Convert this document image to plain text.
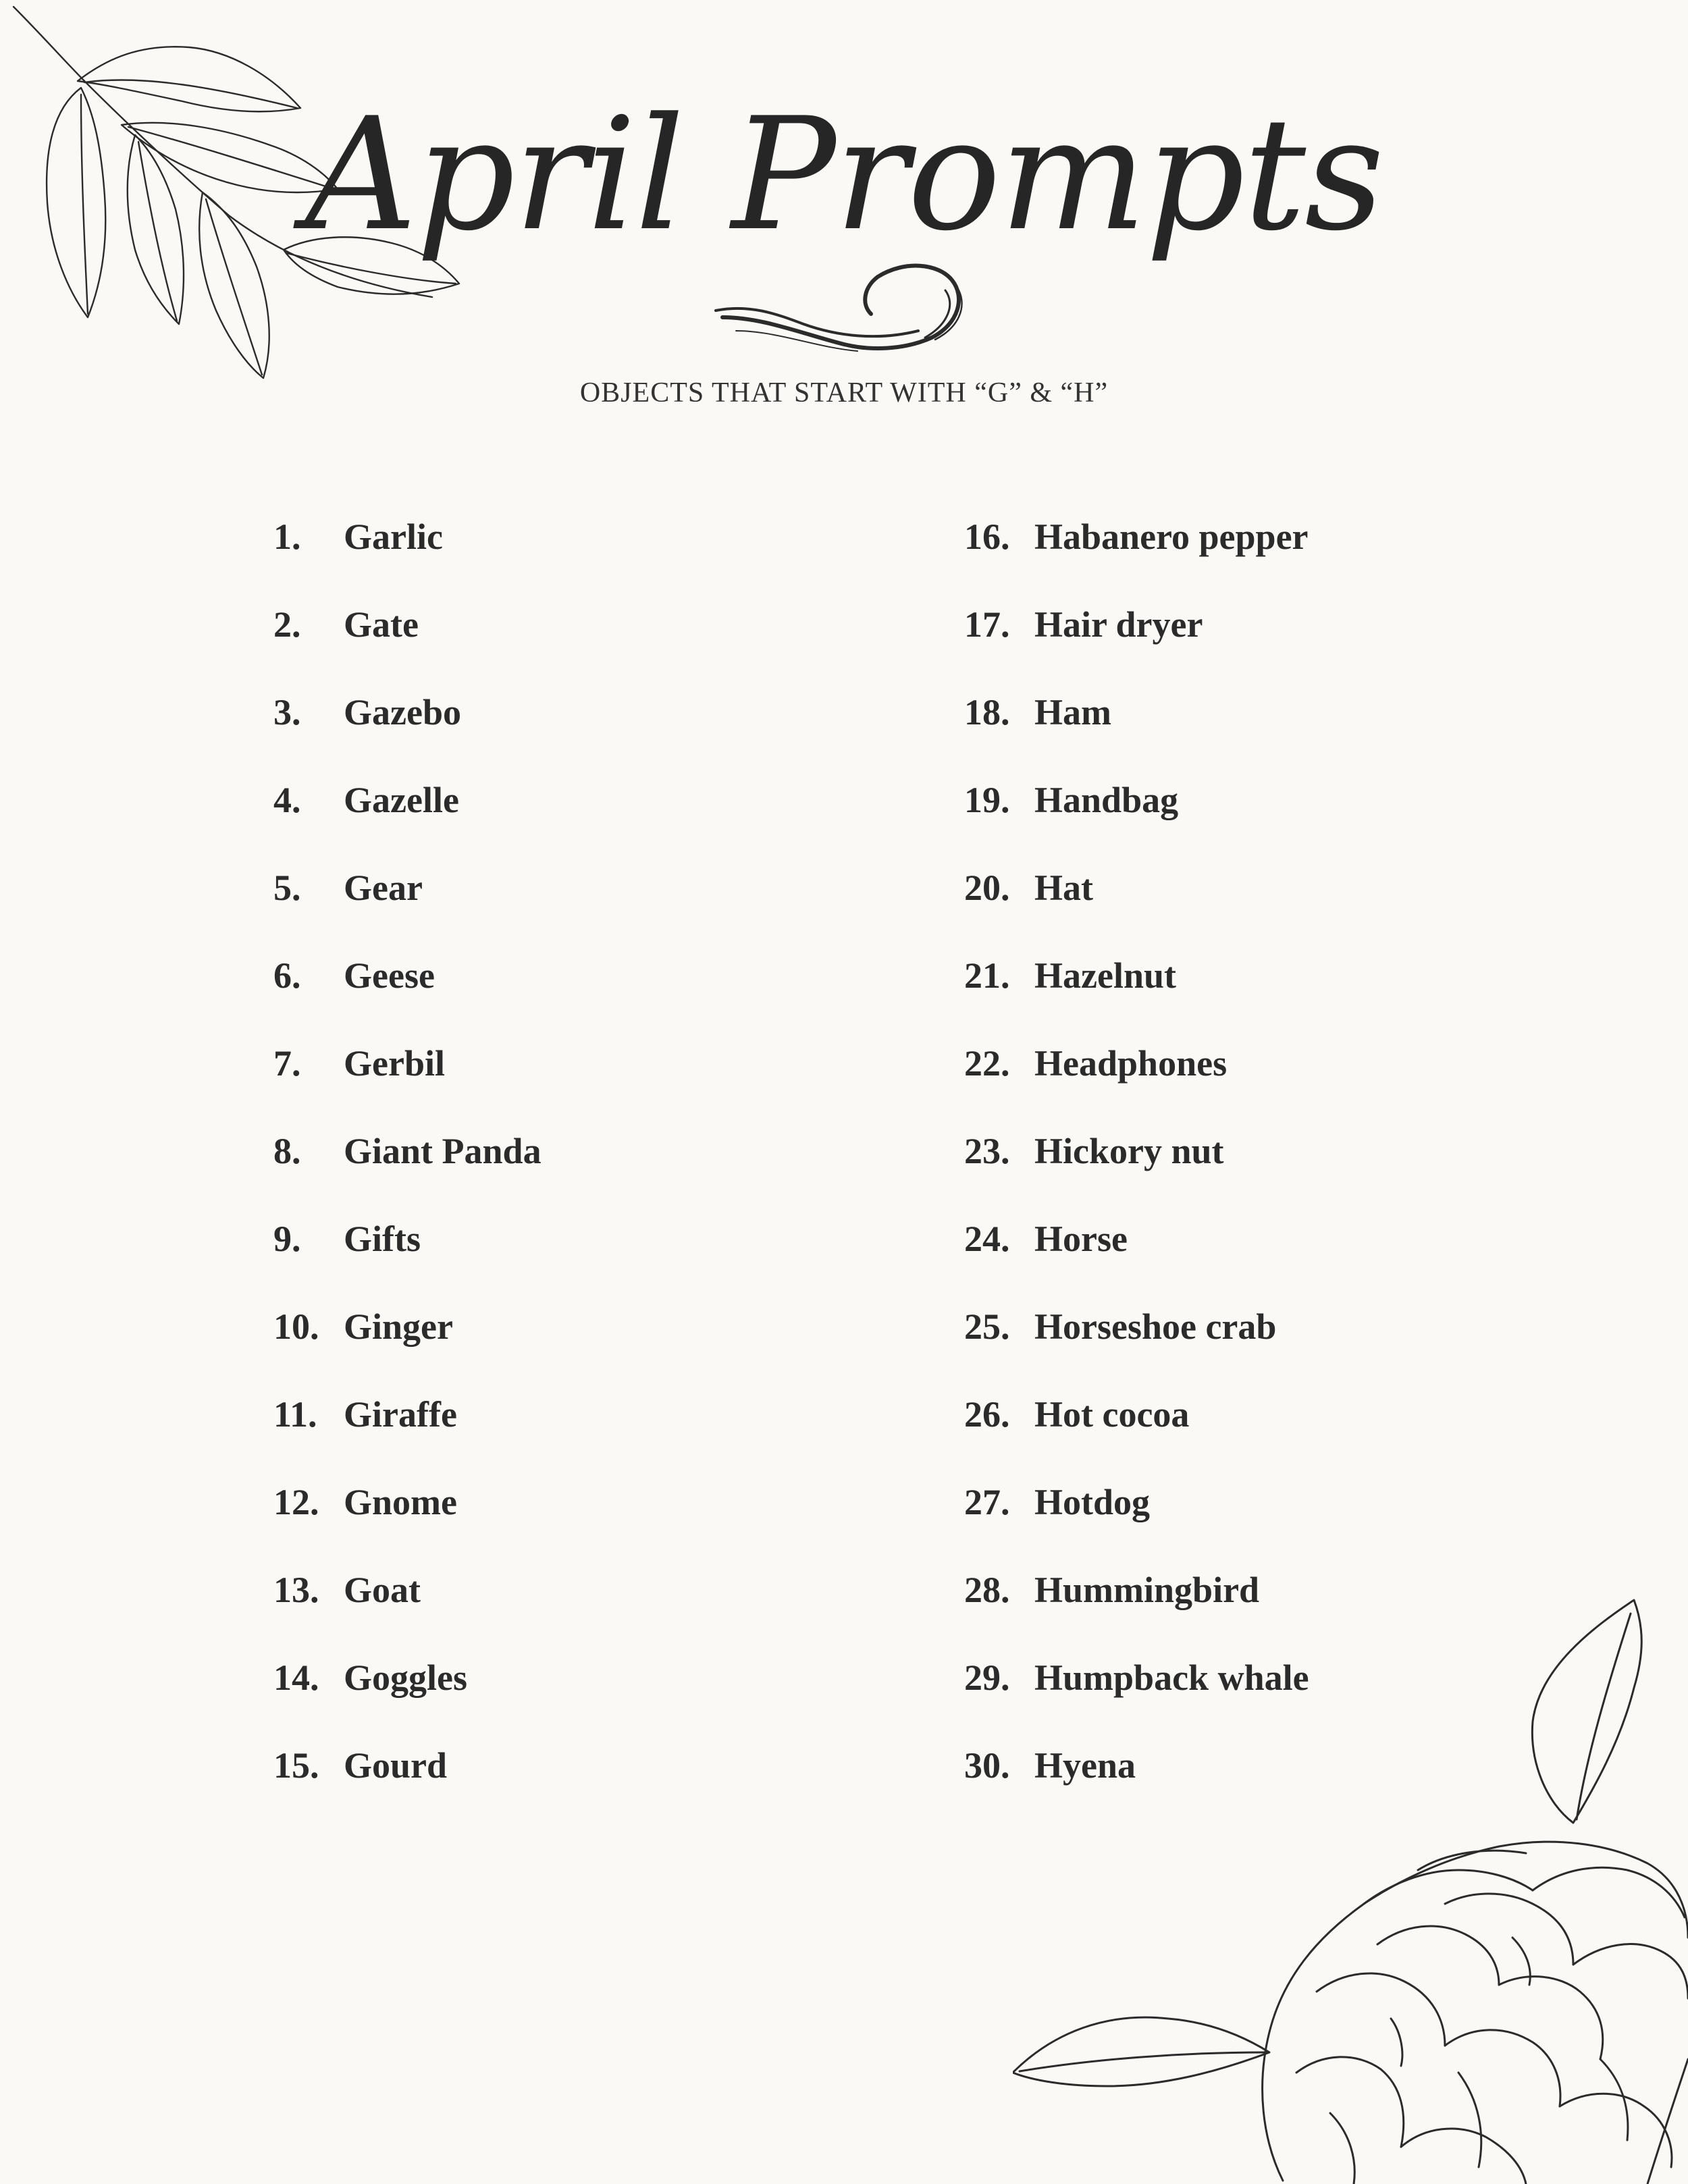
April Prompts

OBJECTS THAT START WITH “G” & “H”

1. Garlic
2. Gate
3. Gazebo
4. Gazelle
5. Gear
6. Geese
7. Gerbil
8. Giant Panda
9. Gifts
10. Ginger
11. Giraffe
12. Gnome
13. Goat
14. Goggles
15. Gourd
16. Habanero pepper
17. Hair dryer
18. Ham
19. Handbag
20. Hat
21. Hazelnut
22. Headphones
23. Hickory nut
24. Horse
25. Horseshoe crab
26. Hot cocoa
27. Hotdog
28. Hummingbird
29. Humpback whale
30. Hyena
